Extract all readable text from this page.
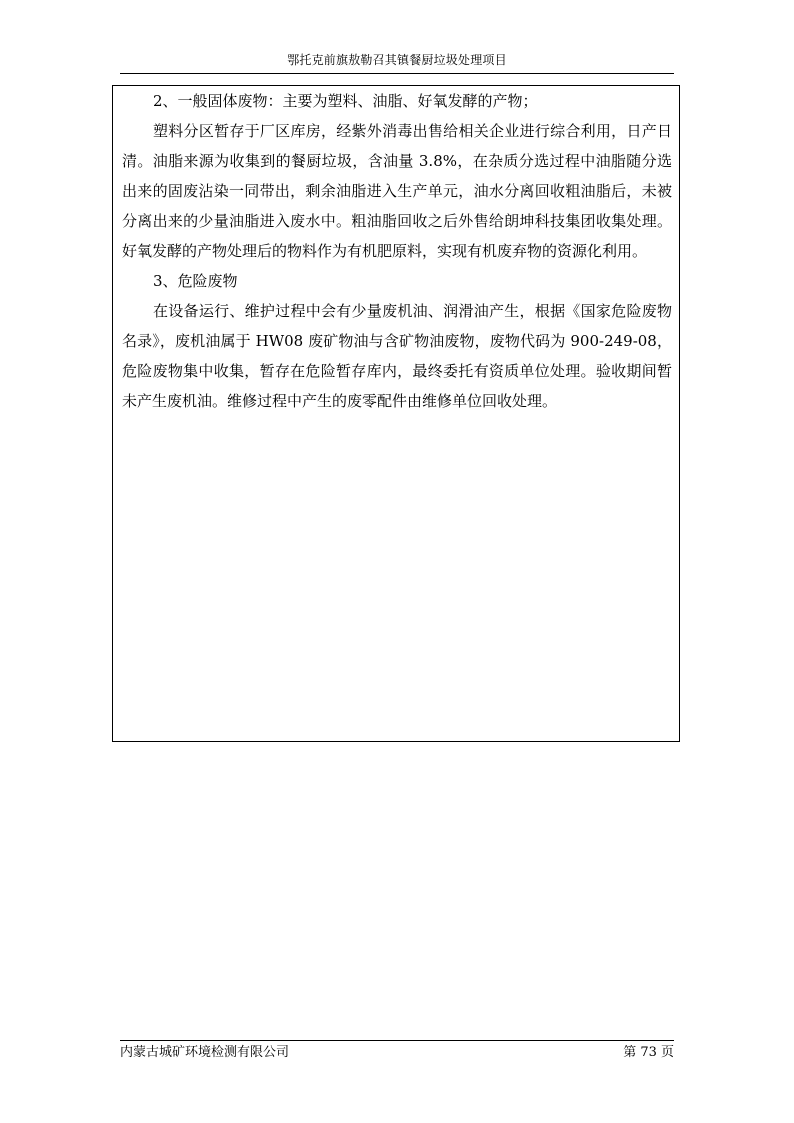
鄂托克前旗敖勒召其镇餐厨垃圾处理项目

2、一般固体废物：主要为塑料、油脂、好氧发酵的产物；

塑料分区暂存于厂区库房，经紫外消毒出售给相关企业进行综合利用，日产日清。油脂来源为收集到的餐厨垃圾，含油量 3.8%，在杂质分选过程中油脂随分选出来的固废沾染一同带出，剩余油脂进入生产单元，油水分离回收粗油脂后，未被分离出来的少量油脂进入废水中。粗油脂回收之后外售给朗坤科技集团收集处理。好氧发酵的产物处理后的物料作为有机肥原料，实现有机废弃物的资源化利用。

3、危险废物

在设备运行、维护过程中会有少量废机油、润滑油产生，根据《国家危险废物名录》，废机油属于 HW08 废矿物油与含矿物油废物，废物代码为 900-249-08，危险废物集中收集，暂存在危险暂存库内，最终委托有资质单位处理。验收期间暂未产生废机油。维修过程中产生的废零配件由维修单位回收处理。

内蒙古城矿环境检测有限公司	第 73 页
